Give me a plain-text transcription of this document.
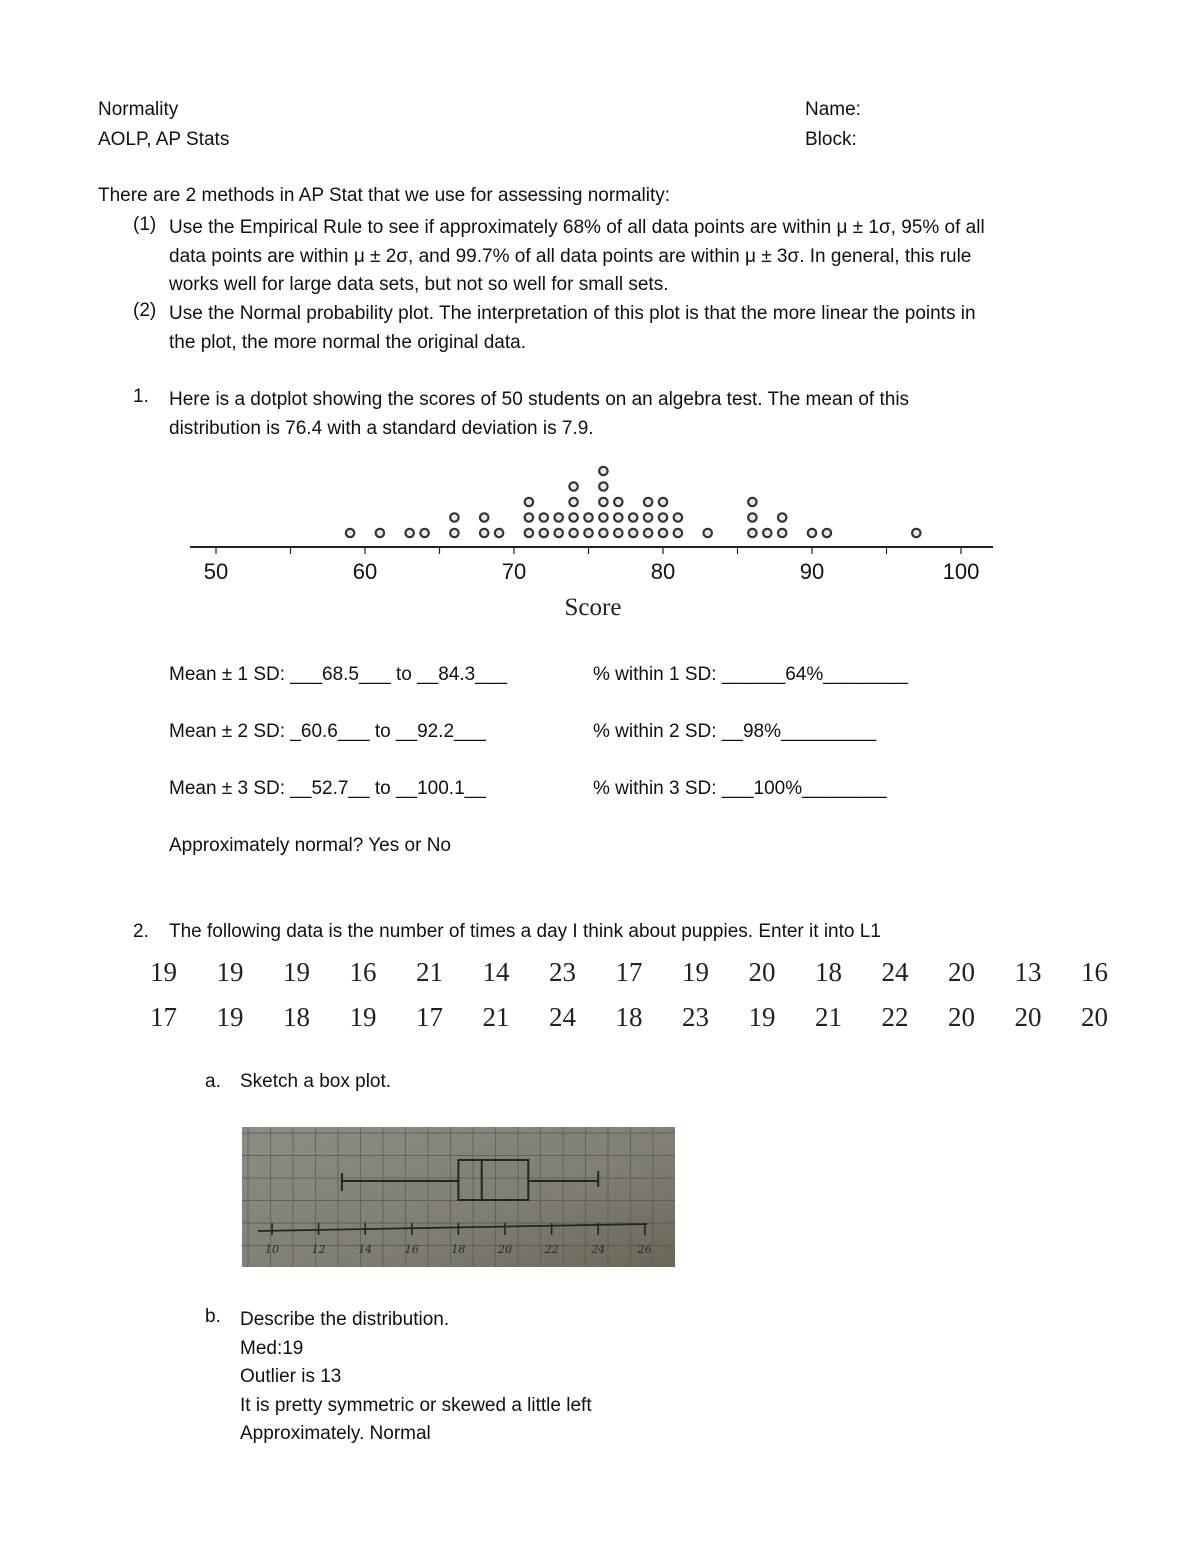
Normality
AOLP, AP Stats
Name:
Block:
There are 2 methods in AP Stat that we use for assessing normality:
(1) Use the Empirical Rule to see if approximately 68% of all data points are within μ ± 1σ, 95% of all
data points are within μ ± 2σ, and 99.7% of all data points are within μ ± 3σ. In general, this rule
works well for large data sets, but not so well for small sets.
(2) Use the Normal probability plot. The interpretation of this plot is that the more linear the points in
the plot, the more normal the original data.
1. Here is a dotplot showing the scores of 50 students on an algebra test. The mean of this
distribution is 76.4 with a standard deviation is 7.9.
50	60	70	80	90	100
Score
Mean ± 1 SD: ___68.5___ to __84.3___	% within 1 SD: ______64%________
Mean ± 2 SD: _60.6___ to __92.2___	% within 2 SD: __98%_________
Mean ± 3 SD: __52.7__ to __100.1__	% within 3 SD: ___100%________
Approximately normal? Yes or No
2. The following data is the number of times a day I think about puppies. Enter it into L1
19 19 19 16 21 14 23 17 19 20 18 24 20 13 16
17 19 18 19 17 21 24 18 23 19 21 22 20 20 20
a. Sketch a box plot.
10	12	14	16	18	20	22	24	26
b. Describe the distribution.
Med:19
Outlier is 13
It is pretty symmetric or skewed a little left
Approximately. Normal
